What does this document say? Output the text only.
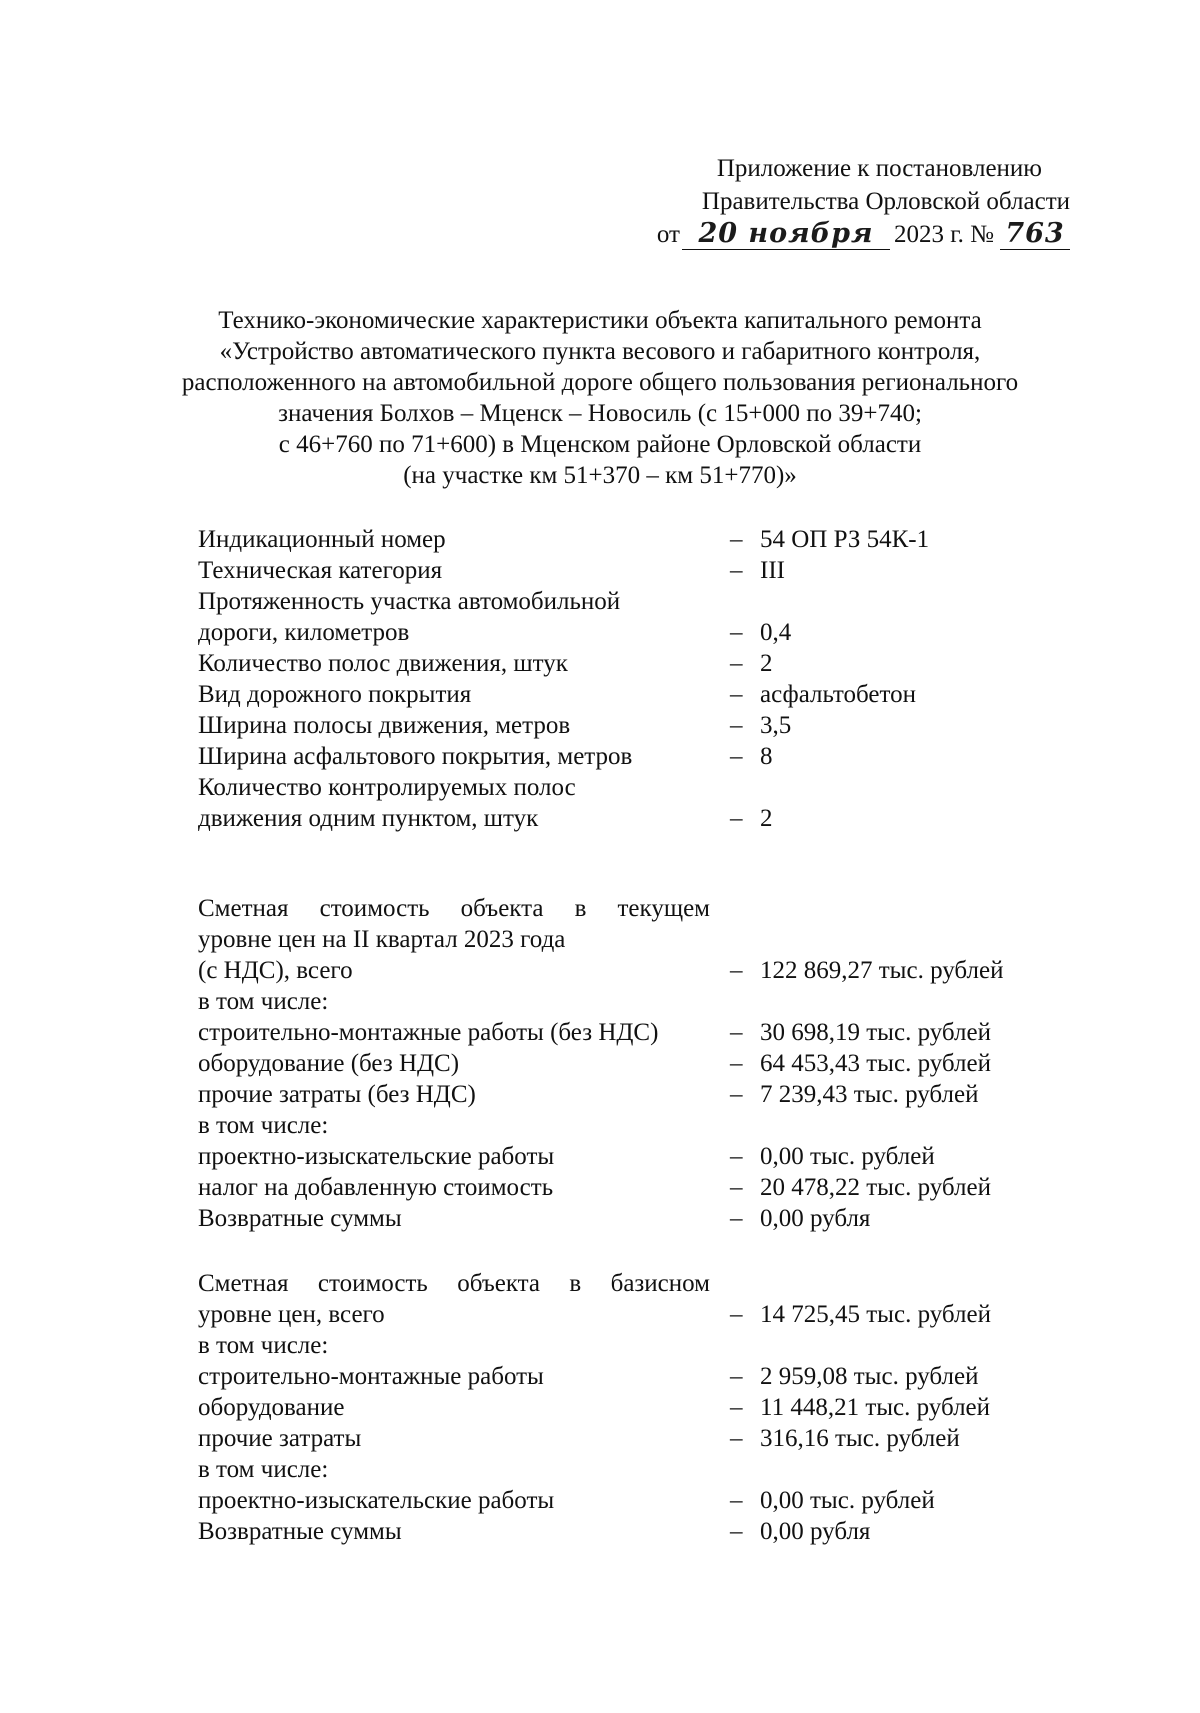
Приложение к постановлению
Правительства Орловской области
от 20 ноября 2023 г. № 763
Технико-экономические характеристики объекта капитального ремонта
«Устройство автоматического пункта весового и габаритного контроля,
расположенного на автомобильной дороге общего пользования регионального
значения Болхов – Мценск – Новосиль (с 15+000 по 39+740;
с 46+760 по 71+600) в Мценском районе Орловской области
(на участке км 51+370 – км 51+770)»
Индикационный номер	– 54 ОП РЗ 54К-1
Техническая категория	– III
Протяженность участка автомобильной
дороги, километров	– 0,4
Количество полос движения, штук	– 2
Вид дорожного покрытия	– асфальтобетон
Ширина полосы движения, метров	– 3,5
Ширина асфальтового покрытия, метров	– 8
Количество контролируемых полос
движения одним пунктом, штук	– 2
Сметная стоимость объекта в текущем
уровне цен на II квартал 2023 года
(с НДС), всего	– 122 869,27 тыс. рублей
в том числе:
строительно-монтажные работы (без НДС)	– 30 698,19 тыс. рублей
оборудование (без НДС)	– 64 453,43 тыс. рублей
прочие затраты (без НДС)	– 7 239,43 тыс. рублей
в том числе:
проектно-изыскательские работы	– 0,00 тыс. рублей
налог на добавленную стоимость	– 20 478,22 тыс. рублей
Возвратные суммы	– 0,00 рубля
Сметная стоимость объекта в базисном
уровне цен, всего	– 14 725,45 тыс. рублей
в том числе:
строительно-монтажные работы	– 2 959,08 тыс. рублей
оборудование	– 11 448,21 тыс. рублей
прочие затраты	– 316,16 тыс. рублей
в том числе:
проектно-изыскательские работы	– 0,00 тыс. рублей
Возвратные суммы	– 0,00 рубля
